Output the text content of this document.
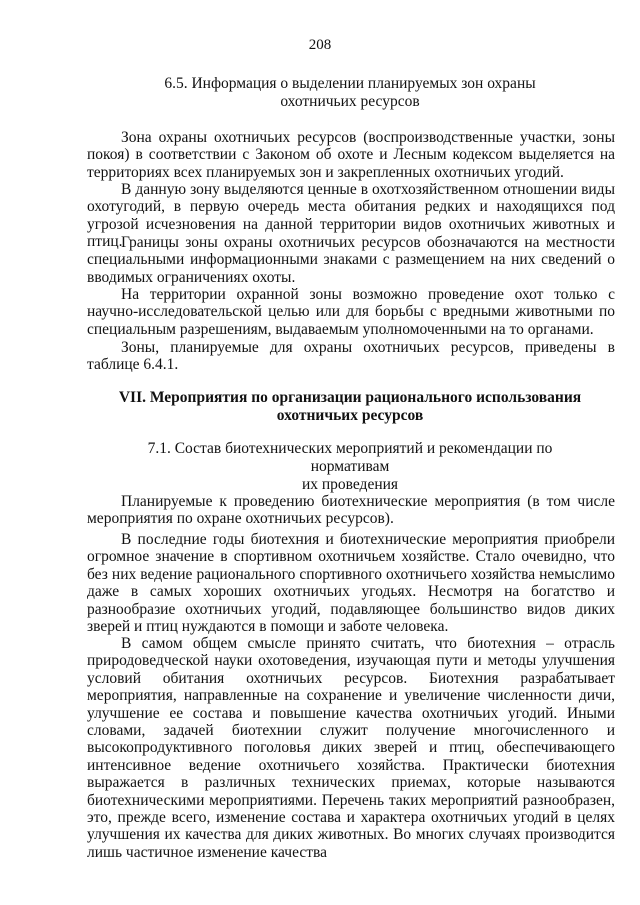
208
6.5. Информация о выделении планируемых зон охраны
охотничьих ресурсов

Зона охраны охотничьих ресурсов (воспроизводственные участки, зоны покоя) в соответствии с Законом об охоте и Лесным кодексом выделяется на территориях всех планируемых зон и закрепленных охотничьих угодий.

В данную зону выделяются ценные в охотхозяйственном отношении виды охотугодий, в первую очередь места обитания редких и находящихся под угрозой исчезновения на данной территории видов охотничьих животных и птиц.

Границы зоны охраны охотничьих ресурсов обозначаются на местности специальными информационными знаками с размещением на них сведений о вводимых ограничениях охоты.

На территории охранной зоны возможно проведение охот только с научно-исследовательской целью или для борьбы с вредными животными по специальным разрешениям, выдаваемым уполномоченными на то органами.

Зоны, планируемые для охраны охотничьих ресурсов, приведены в таблице 6.4.1.

VII. Мероприятия по организации рационального использования
охотничьих ресурсов
7.1. Состав биотехнических мероприятий и рекомендации по нормативам
их проведения

Планируемые к проведению биотехнические мероприятия (в том числе мероприятия по охране охотничьих ресурсов).

В последние годы биотехния и биотехнические мероприятия приобрели огромное значение в спортивном охотничьем хозяйстве. Стало очевидно, что без них ведение рационального спортивного охотничьего хозяйства немыслимо даже в самых хороших охотничьих угодьях. Несмотря на богатство и разнообразие охотничьих угодий, подавляющее большинство видов диких зверей и птиц нуждаются в помощи и заботе человека.

В самом общем смысле принято считать, что биотехния – отрасль природоведческой науки охотоведения, изучающая пути и методы улучшения условий обитания охотничьих ресурсов. Биотехния разрабатывает мероприятия, направленные на сохранение и увеличение численности дичи, улучшение ее состава и повышение качества охотничьих угодий. Иными словами, задачей биотехнии служит получение многочисленного и высокопродуктивного поголовья диких зверей и птиц, обеспечивающего интенсивное ведение охотничьего хозяйства. Практически биотехния выражается в различных технических приемах, которые называются биотехническими мероприятиями. Перечень таких мероприятий разнообразен, это, прежде всего, изменение состава и характера охотничьих угодий в целях улучшения их качества для диких животных. Во многих случаях производится лишь частичное изменение качества
